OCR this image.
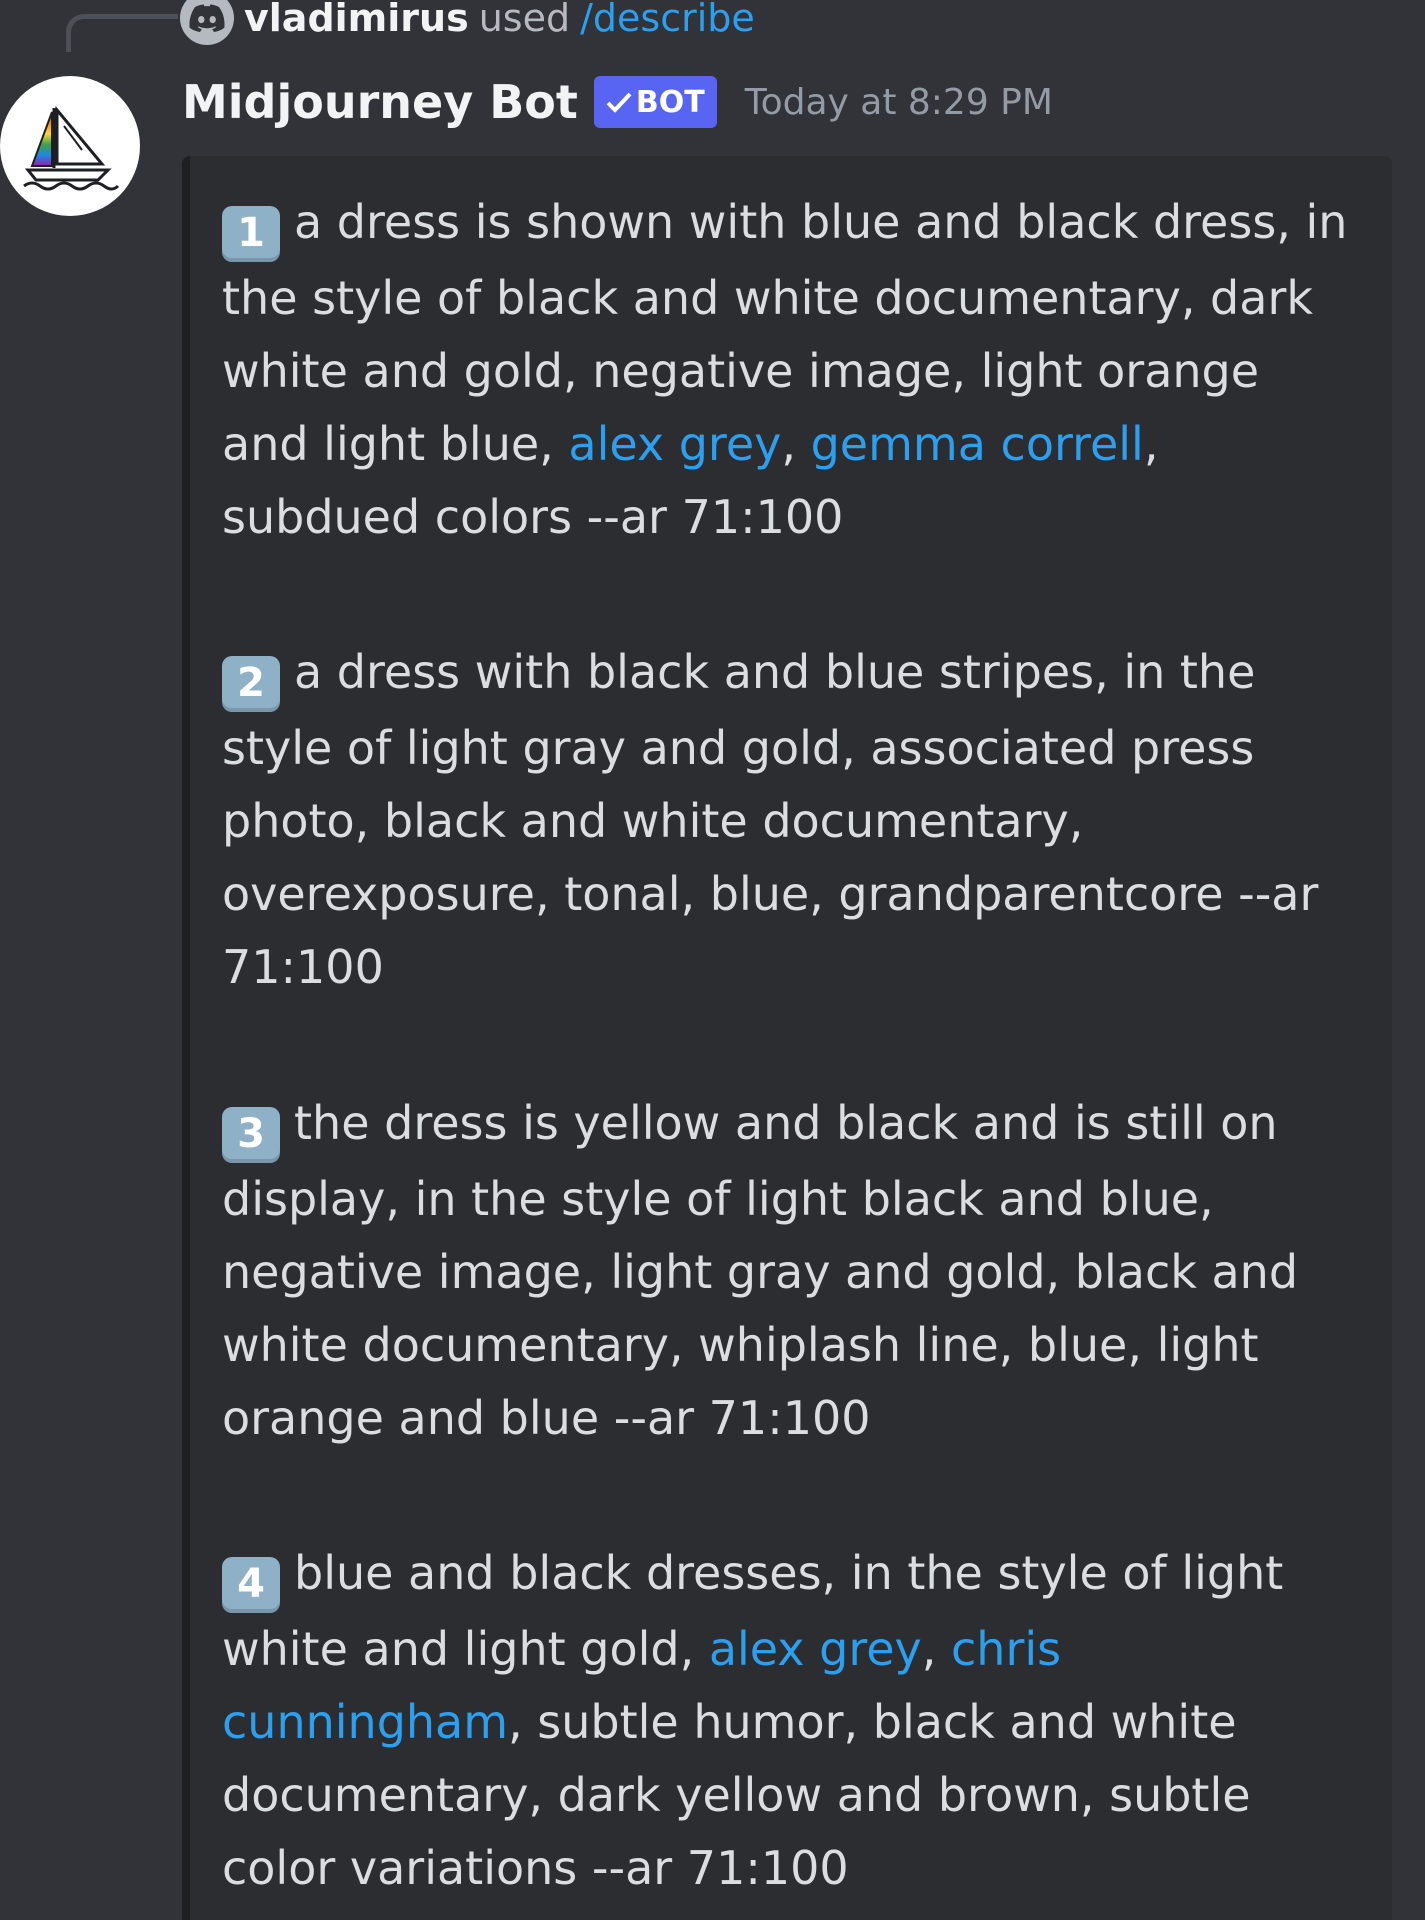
vladimirus used /describe
Midjourney Bot BOT Today at 8:29 PM
1 a dress is shown with blue and black dress, in the style of black and white documentary, dark white and gold, negative image, light orange and light blue, alex grey, gemma correll, subdued colors --ar 71:100
2 a dress with black and blue stripes, in the style of light gray and gold, associated press photo, black and white documentary, overexposure, tonal, blue, grandparentcore --ar 71:100
3 the dress is yellow and black and is still on display, in the style of light black and blue, negative image, light gray and gold, black and white documentary, whiplash line, blue, light orange and blue --ar 71:100
4 blue and black dresses, in the style of light white and light gold, alex grey, chris cunningham, subtle humor, black and white documentary, dark yellow and brown, subtle color variations --ar 71:100
